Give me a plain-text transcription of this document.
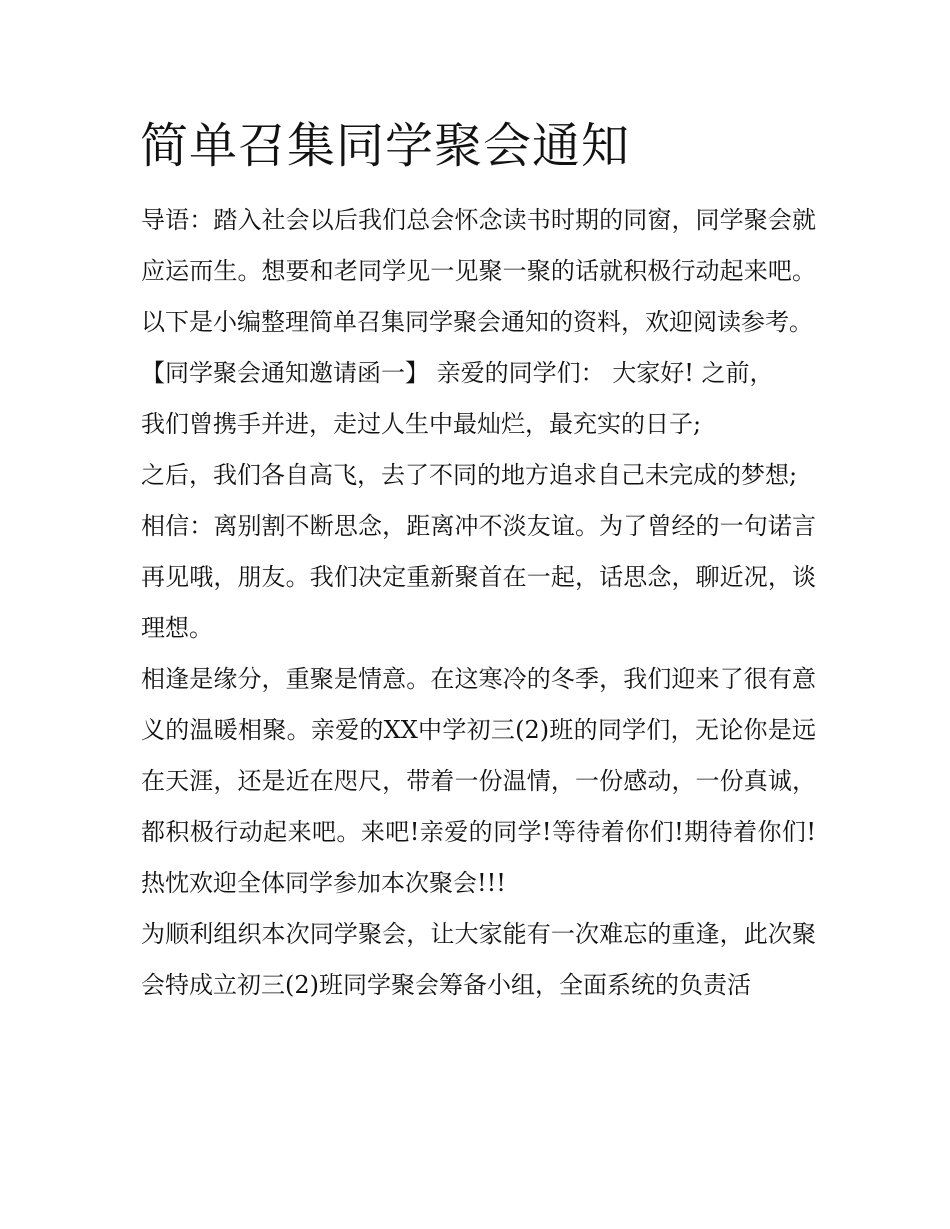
简单召集同学聚会通知

导语：踏入社会以后我们总会怀念读书时期的同窗，同学聚会就应运而生。想要和老同学见一见聚一聚的话就积极行动起来吧。以下是小编整理简单召集同学聚会通知的资料，欢迎阅读参考。

【同学聚会通知邀请函一】 亲爱的同学们： 大家好! 之前，

我们曾携手并进，走过人生中最灿烂，最充实的日子;

之后，我们各自高飞，去了不同的地方追求自己未完成的梦想;

相信：离别割不断思念，距离冲不淡友谊。为了曾经的一句诺言再见哦，朋友。我们决定重新聚首在一起，话思念，聊近况，谈理想。

相逢是缘分，重聚是情意。在这寒冷的冬季，我们迎来了很有意义的温暖相聚。亲爱的XX中学初三(2)班的同学们，无论你是远在天涯，还是近在咫尺，带着一份温情，一份感动，一份真诚，都积极行动起来吧。来吧!亲爱的同学!等待着你们!期待着你们!热忱欢迎全体同学参加本次聚会!!!

为顺利组织本次同学聚会，让大家能有一次难忘的重逢，此次聚会特成立初三(2)班同学聚会筹备小组，全面系统的负责活
